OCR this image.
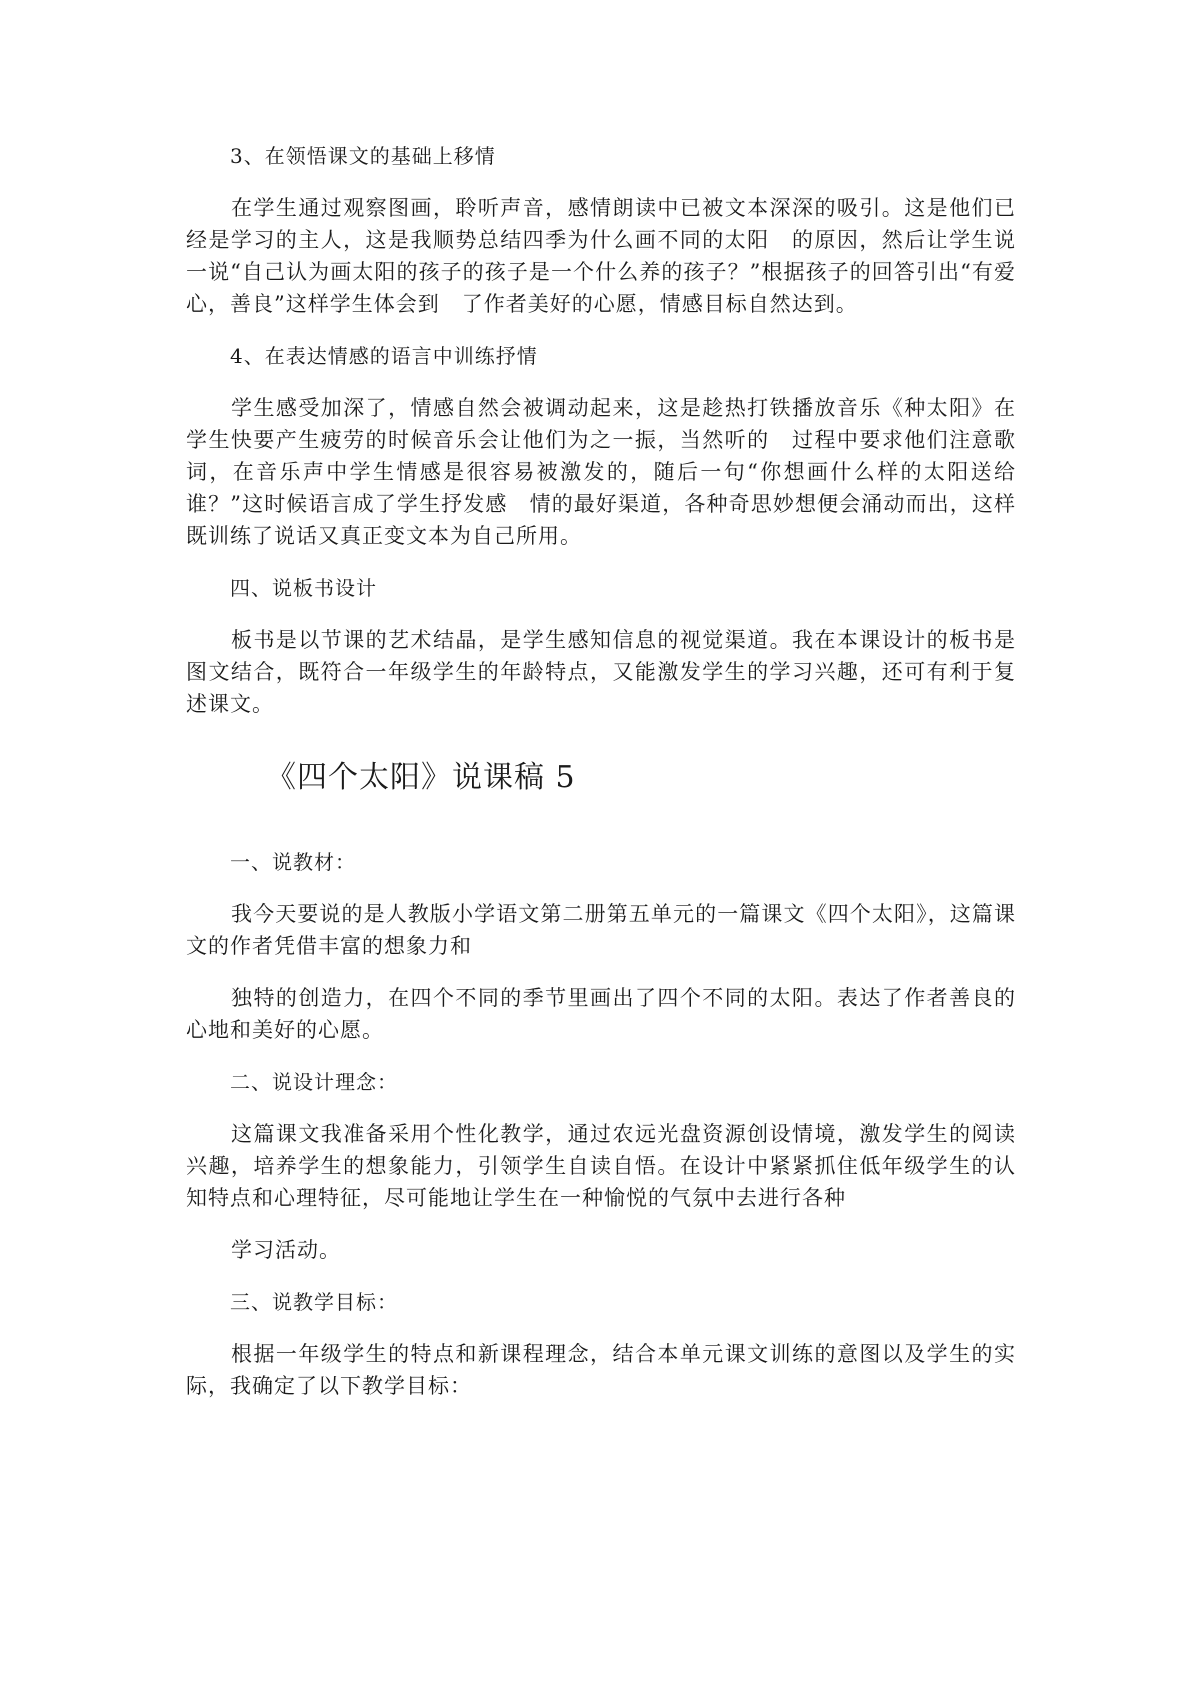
3、在领悟课文的基础上移情

在学生通过观察图画，聆听声音，感情朗读中已被文本深深的吸引。这是他们已经是学习的主人，这是我顺势总结四季为什么画不同的太阳　的原因，然后让学生说一说“自己认为画太阳的孩子的孩子是一个什么养的孩子？”根据孩子的回答引出“有爱心，善良”这样学生体会到　了作者美好的心愿，情感目标自然达到。

4、在表达情感的语言中训练抒情

学生感受加深了，情感自然会被调动起来，这是趁热打铁播放音乐《种太阳》在学生快要产生疲劳的时候音乐会让他们为之一振，当然听的　过程中要求他们注意歌词，在音乐声中学生情感是很容易被激发的，随后一句“你想画什么样的太阳送给谁？”这时候语言成了学生抒发感　情的最好渠道，各种奇思妙想便会涌动而出，这样既训练了说话又真正变文本为自己所用。

四、说板书设计

板书是以节课的艺术结晶，是学生感知信息的视觉渠道。我在本课设计的板书是图文结合，既符合一年级学生的年龄特点，又能激发学生的学习兴趣，还可有利于复述课文。

《四个太阳》说课稿 5
一、说教材：

我今天要说的是人教版小学语文第二册第五单元的一篇课文《四个太阳》，这篇课文的作者凭借丰富的想象力和

独特的创造力，在四个不同的季节里画出了四个不同的太阳。表达了作者善良的心地和美好的心愿。

二、说设计理念：

这篇课文我准备采用个性化教学，通过农远光盘资源创设情境，激发学生的阅读兴趣，培养学生的想象能力，引领学生自读自悟。在设计中紧紧抓住低年级学生的认知特点和心理特征，尽可能地让学生在一种愉悦的气氛中去进行各种

学习活动。

三、说教学目标：

根据一年级学生的特点和新课程理念，结合本单元课文训练的意图以及学生的实际，我确定了以下教学目标：
